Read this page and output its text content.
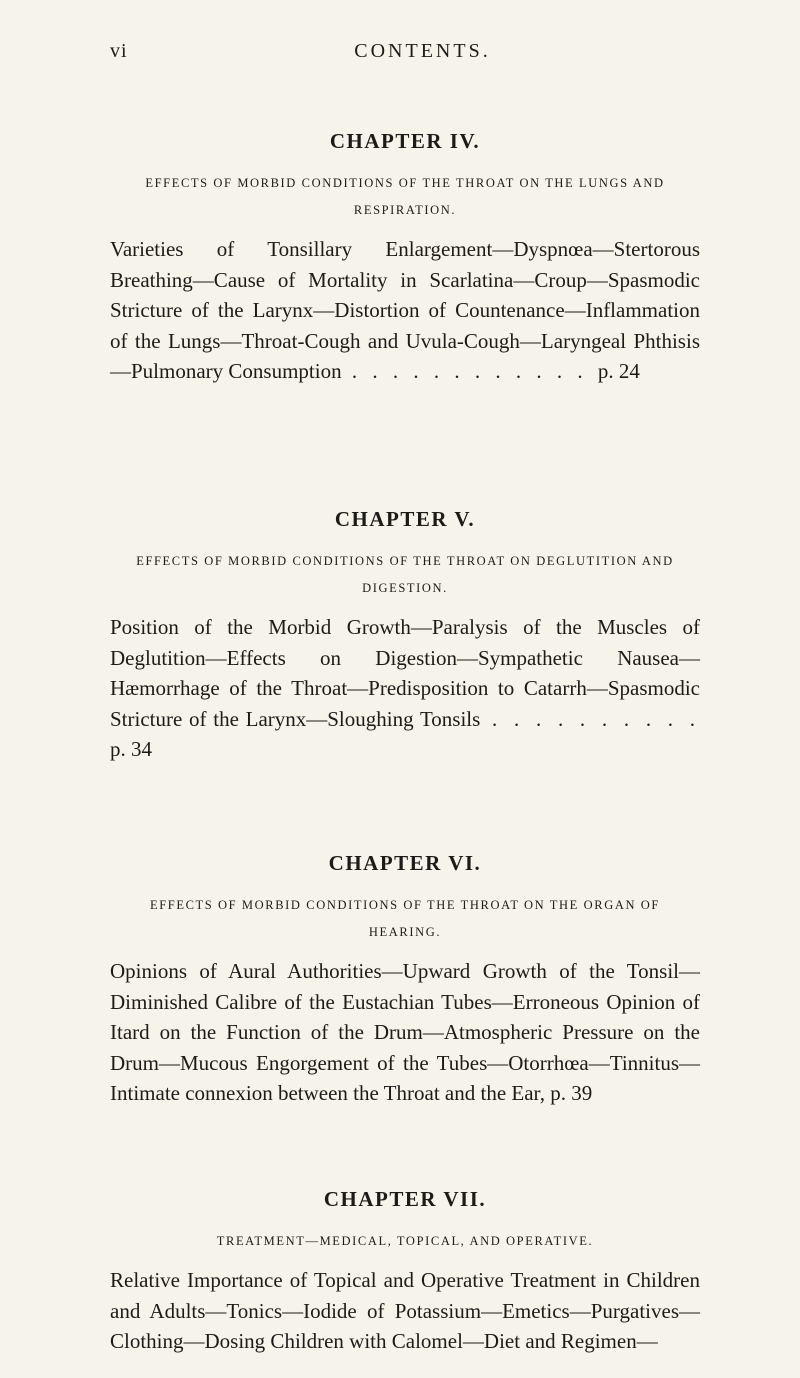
vi	CONTENTS.
CHAPTER IV.
EFFECTS OF MORBID CONDITIONS OF THE THROAT ON THE LUNGS AND RESPIRATION.

Varieties of Tonsillary Enlargement—Dyspnœa—Stertorous Breathing—Cause of Mortality in Scarlatina—Croup—Spasmodic Stricture of the Larynx—Distortion of Countenance—Inflammation of the Lungs—Throat-Cough and Uvula-Cough—Laryngeal Phthisis—Pulmonary Consumption . . . . . . . . . . . . p. 24

CHAPTER V.
EFFECTS OF MORBID CONDITIONS OF THE THROAT ON DEGLUTITION AND DIGESTION.

Position of the Morbid Growth—Paralysis of the Muscles of Deglutition—Effects on Digestion—Sympathetic Nausea—Hæmorrhage of the Throat—Predisposition to Catarrh—Spasmodic Stricture of the Larynx—Sloughing Tonsils . . . . . . . . . . p. 34

CHAPTER VI.
EFFECTS OF MORBID CONDITIONS OF THE THROAT ON THE ORGAN OF HEARING.

Opinions of Aural Authorities—Upward Growth of the Tonsil—Diminished Calibre of the Eustachian Tubes—Erroneous Opinion of Itard on the Function of the Drum—Atmospheric Pressure on the Drum—Mucous Engorgement of the Tubes—Otorrhœa—Tinnitus—Intimate connexion between the Throat and the Ear, p. 39

CHAPTER VII.
TREATMENT—MEDICAL, TOPICAL, AND OPERATIVE.

Relative Importance of Topical and Operative Treatment in Children and Adults—Tonics—Iodide of Potassium—Emetics—Purgatives—Clothing—Dosing Children with Calomel—Diet and Regimen—
